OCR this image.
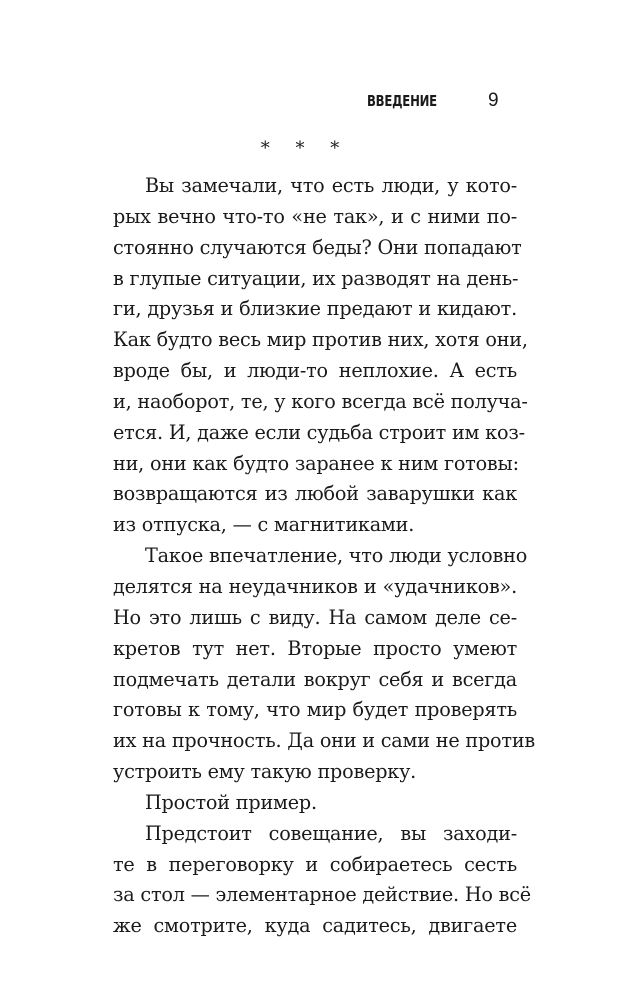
ВВЕДЕНИЕ	9
* * *
Вы замечали, что есть люди, у кото-
рых вечно что-то «не так», и с ними по-
стоянно случаются беды? Они попадают
в глупые ситуации, их разводят на день-
ги, друзья и близкие предают и кидают.
Как будто весь мир против них, хотя они,
вроде бы, и люди-то неплохие. А есть
и, наоборот, те, у кого всегда всё получа-
ется. И, даже если судьба строит им коз-
ни, они как будто заранее к ним готовы:
возвращаются из любой заварушки как
из отпуска, — с магнитиками.
Такое впечатление, что люди условно
делятся на неудачников и «удачников».
Но это лишь с виду. На самом деле се-
кретов тут нет. Вторые просто умеют
подмечать детали вокруг себя и всегда
готовы к тому, что мир будет проверять
их на прочность. Да они и сами не против
устроить ему такую проверку.
Простой пример.
Предстоит совещание, вы заходи-
те в переговорку и собираетесь сесть
за стол — элементарное действие. Но всё
же смотрите, куда садитесь, двигаете
